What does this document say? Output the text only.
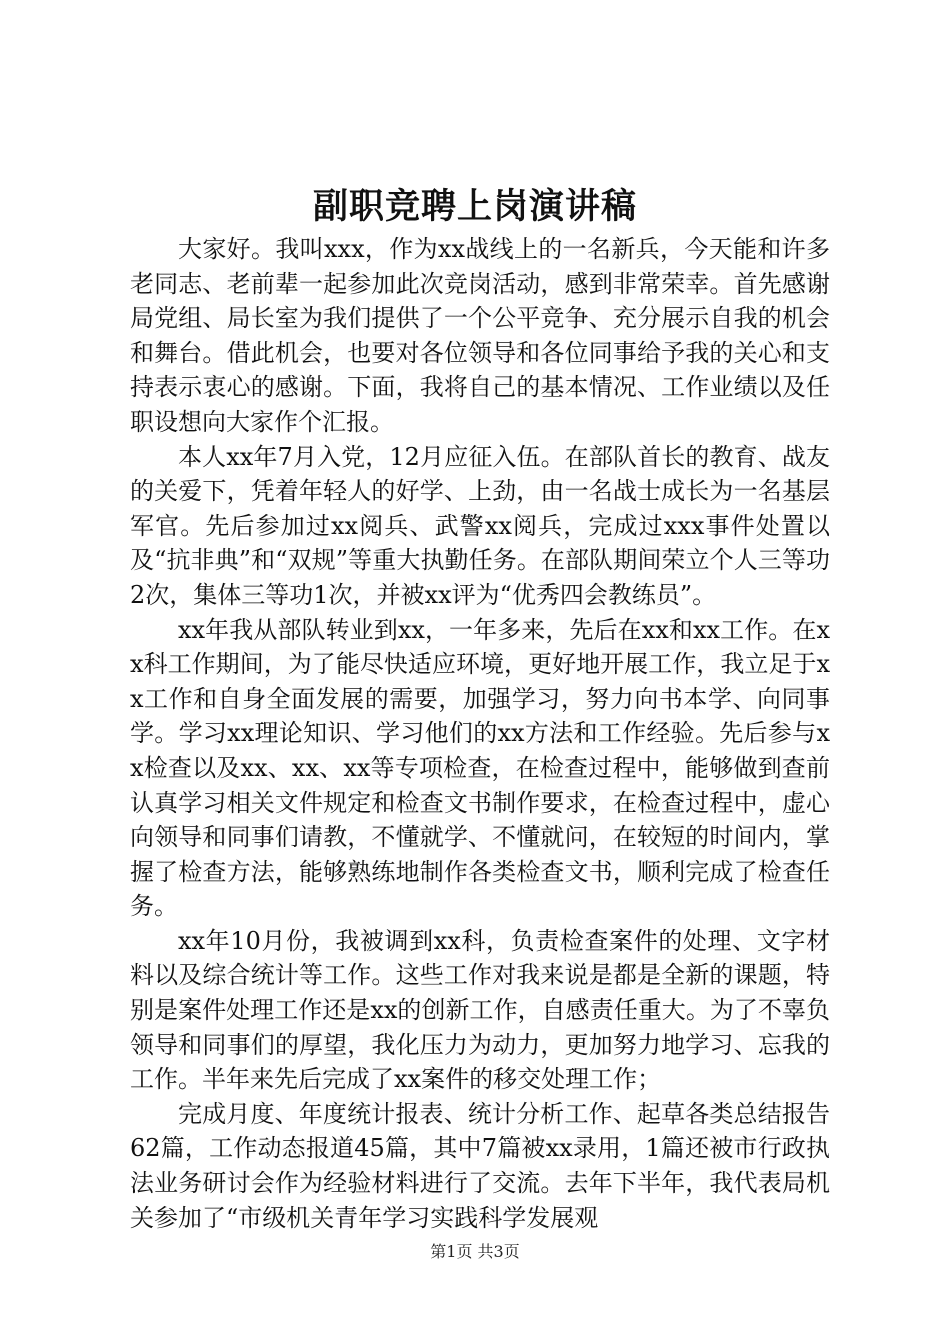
副职竞聘上岗演讲稿

大家好。我叫xxx，作为xx战线上的一名新兵，今天能和许多老同志、老前辈一起参加此次竞岗活动，感到非常荣幸。首先感谢局党组、局长室为我们提供了一个公平竞争、充分展示自我的机会和舞台。借此机会，也要对各位领导和各位同事给予我的关心和支持表示衷心的感谢。下面，我将自己的基本情况、工作业绩以及任职设想向大家作个汇报。

本人xx年7月入党，12月应征入伍。在部队首长的教育、战友的关爱下，凭着年轻人的好学、上劲，由一名战士成长为一名基层军官。先后参加过xx阅兵、武警xx阅兵，完成过xxx事件处置以及“抗非典”和“双规”等重大执勤任务。在部队期间荣立个人三等功2次，集体三等功1次，并被xx评为“优秀四会教练员”。

xx年我从部队转业到xx，一年多来，先后在xx和xx工作。在xx科工作期间，为了能尽快适应环境，更好地开展工作，我立足于xx工作和自身全面发展的需要，加强学习，努力向书本学、向同事学。学习xx理论知识、学习他们的xx方法和工作经验。先后参与xx检查以及xx、xx、xx等专项检查，在检查过程中，能够做到查前认真学习相关文件规定和检查文书制作要求，在检查过程中，虚心向领导和同事们请教，不懂就学、不懂就问，在较短的时间内，掌握了检查方法，能够熟练地制作各类检查文书，顺利完成了检查任务。

xx年10月份，我被调到xx科，负责检查案件的处理、文字材料以及综合统计等工作。这些工作对我来说是都是全新的课题，特别是案件处理工作还是xx的创新工作，自感责任重大。为了不辜负领导和同事们的厚望，我化压力为动力，更加努力地学习、忘我的工作。半年来先后完成了xx案件的移交处理工作；

完成月度、年度统计报表、统计分析工作、起草各类总结报告62篇，工作动态报道45篇，其中7篇被xx录用，1篇还被市行政执法业务研讨会作为经验材料进行了交流。去年下半年，我代表局机关参加了“市级机关青年学习实践科学发展观

第1页 共3页
